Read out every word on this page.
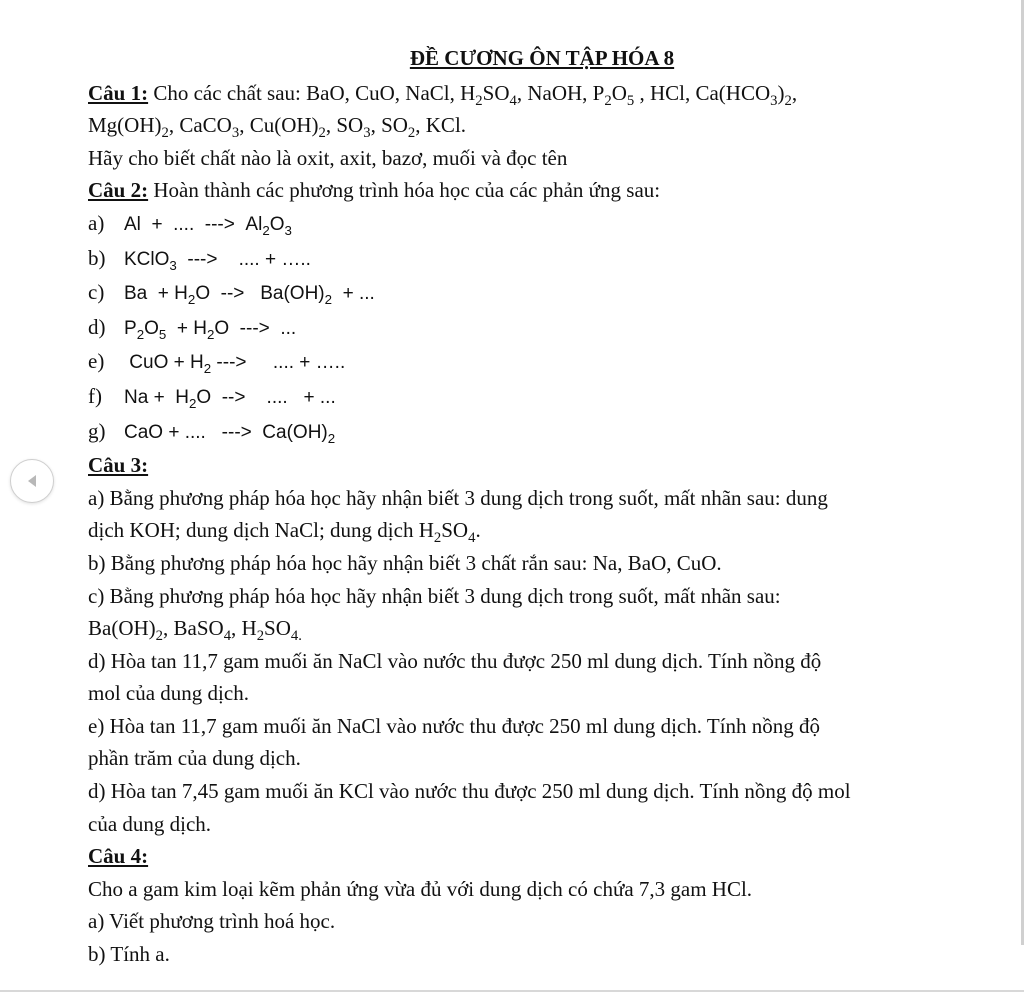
ĐỀ CƯƠNG ÔN TẬP HÓA 8
Câu 1: Cho các chất sau: BaO, CuO, NaCl, $H_2SO_4$, NaOH, $P_2O_5$ , HCl, $Ca(HCO_3)_2$,
$Mg(OH)_2$, CaCO$_3$, $Cu(OH)_2$, $SO_3$, $SO_2$, KCl.
Hãy cho biết chất nào là oxit, axit, bazơ, muối và đọc tên
Câu 2: Hoàn thành các phương trình hóa học của các phản ứng sau:
a) Al  +  ....  --->  $Al_2O_3$
b) KClO$_3$  --->    .... + …..
c) $Ba + H_2O$  -->   $Ba(OH)_2$  + ...
d) $P_2O_5 + H_2O$  --->  ...
e) CuO + $H_2$ --->     .... + …..
f) $Na + H_2O$  -->    ....   + ...
g) CaO + ....   --->  $Ca(OH)_2$
Câu 3:
a) Bằng phương pháp hóa học hãy nhận biết 3 dung dịch trong suốt, mất nhãn sau: dung
dịch KOH; dung dịch NaCl; dung dịch $H_2SO_4$.
b) Bằng phương pháp hóa học hãy nhận biết 3 chất rắn sau: Na, BaO, CuO.
c) Bằng phương pháp hóa học hãy nhận biết 3 dung dịch trong suốt, mất nhãn sau:
$Ba(OH)_2$, BaSO$_4$, $H_2SO_{4.}$
d) Hòa tan 11,7 gam muối ăn NaCl vào nước thu được 250 ml dung dịch. Tính nồng độ
mol của dung dịch.
e) Hòa tan 11,7 gam muối ăn NaCl vào nước thu được 250 ml dung dịch. Tính nồng độ
phần trăm của dung dịch.
d) Hòa tan 7,45 gam muối ăn KCl vào nước thu được 250 ml dung dịch. Tính nồng độ mol
của dung dịch.
Câu 4:
Cho a gam kim loại kẽm phản ứng vừa đủ với dung dịch có chứa 7,3 gam HCl.
a) Viết phương trình hoá học.
b) Tính a.
